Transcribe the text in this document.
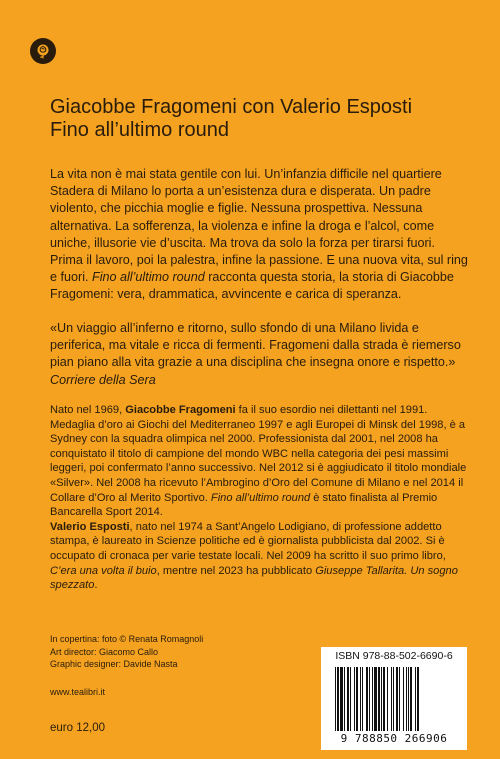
Giacobbe Fragomeni con Valerio Esposti
Fino all’ultimo round

La vita non è mai stata gentile con lui. Un’infanzia difficile nel quartiere Stadera di Milano lo porta a un’esistenza dura e disperata. Un padre violento, che picchia moglie e figlie. Nessuna prospettiva. Nessuna alternativa. La sofferenza, la violenza e infine la droga e l’alcol, come uniche, illusorie vie d’uscita. Ma trova da solo la forza per tirarsi fuori. Prima il lavoro, poi la palestra, infine la passione. E una nuova vita, sul ring e fuori. Fino all’ultimo round racconta questa storia, la storia di Giacobbe Fragomeni: vera, drammatica, avvincente e carica di speranza.

«Un viaggio all’inferno e ritorno, sullo sfondo di una Milano livida e periferica, ma vitale e ricca di fermenti. Fragomeni dalla strada è riemerso pian piano alla vita grazie a una disciplina che insegna onore e rispetto.»
Corriere della Sera

Nato nel 1969, Giacobbe Fragomeni fa il suo esordio nei dilettanti nel 1991. Medaglia d’oro ai Giochi del Mediterraneo 1997 e agli Europei di Minsk del 1998, è a Sydney con la squadra olimpica nel 2000. Professionista dal 2001, nel 2008 ha conquistato il titolo di campione del mondo WBC nella categoria dei pesi massimi leggeri, poi confermato l’anno successivo. Nel 2012 si è aggiudicato il titolo mondiale «Silver». Nel 2008 ha ricevuto l’Ambrogino d’Oro del Comune di Milano e nel 2014 il Collare d’Oro al Merito Sportivo. Fino all’ultimo round è stato finalista al Premio Bancarella Sport 2014.

Valerio Esposti, nato nel 1974 a Sant’Angelo Lodigiano, di professione addetto stampa, è laureato in Scienze politiche ed è giornalista pubblicista dal 2002. Si è occupato di cronaca per varie testate locali. Nel 2009 ha scritto il suo primo libro, C’era una volta il buio, mentre nel 2023 ha pubblicato Giuseppe Tallarita. Un sogno spezzato.

In copertina: foto © Renata Romagnoli
Art director: Giacomo Callo
Graphic designer: Davide Nasta
www.tealibri.it
euro 12,00
ISBN 978-88-502-6690-6
9 788850 266906
